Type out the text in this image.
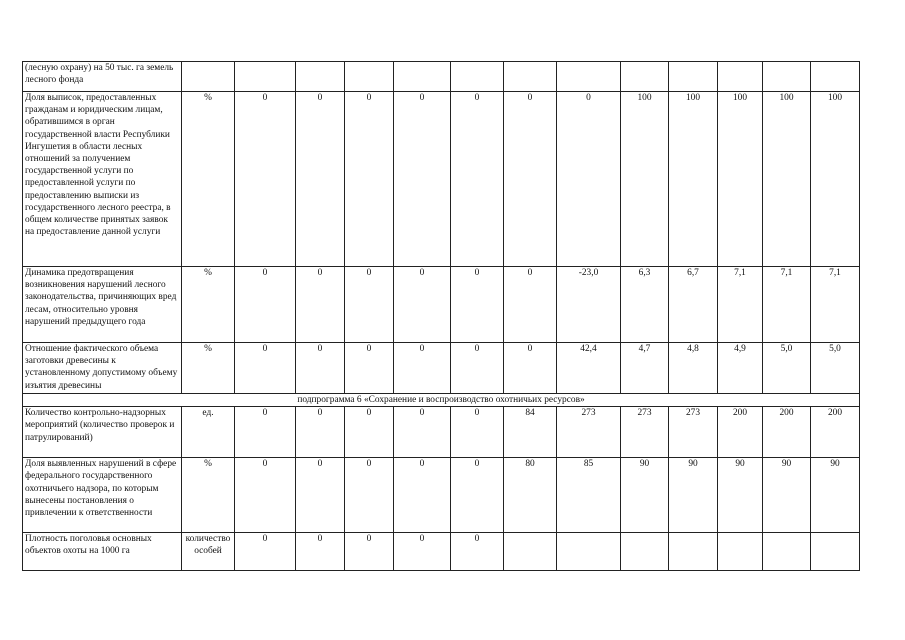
(лесную охрану) на 50 тыс. га земель лесного фонда													
Доля выписок, предоставленных гражданам и юридическим лицам, обратившимся в орган государственной власти Республики Ингушетия в области лесных отношений за получением государственной услуги по предоставленной услуги по предоставлению выписки из государственного лесного реестра, в общем количестве принятых заявок на предоставление данной услуги	%	0	0	0	0	0	0	0	100	100	100	100	100
Динамика предотвращения возникновения нарушений лесного законодательства, причиняющих вред лесам, относительно уровня нарушений предыдущего года	%	0	0	0	0	0	0	-23,0	6,3	6,7	7,1	7,1	7,1
Отношение фактического объема заготовки древесины к установленному допустимому объему изъятия древесины	%	0	0	0	0	0	0	42,4	4,7	4,8	4,9	5,0	5,0
подпрограмма 6 «Сохранение и воспроизводство охотничьих ресурсов»													
Количество контрольно-надзорных мероприятий (количество проверок и патрулирований)	ед.	0	0	0	0	0	84	273	273	273	200	200	200
Доля выявленных нарушений в сфере федерального государственного охотничьего надзора, по которым вынесены постановления о привлечении к ответственности	%	0	0	0	0	0	80	85	90	90	90	90	90
Плотность поголовья основных объектов охоты на 1000 га	количество особей	0	0	0	0	0							
